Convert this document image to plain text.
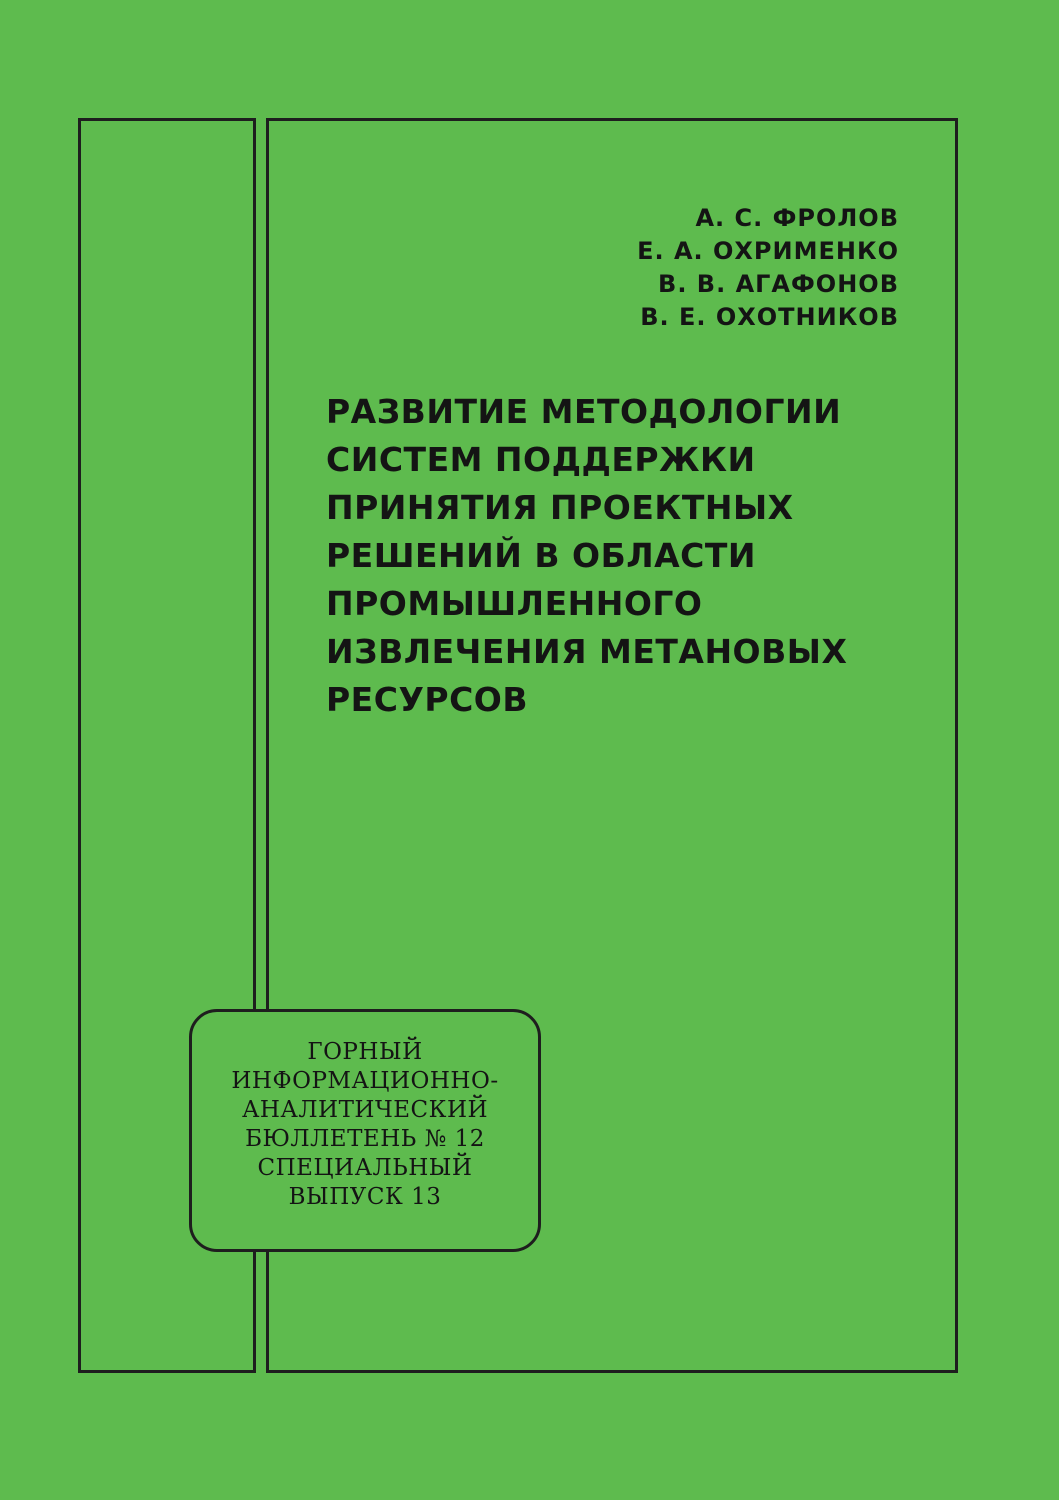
А. С. ФРОЛОВ
Е. А. ОХРИМЕНКО
В. В. АГАФОНОВ
В. Е. ОХОТНИКОВ
РАЗВИТИЕ МЕТОДОЛОГИИ
СИСТЕМ ПОДДЕРЖКИ
ПРИНЯТИЯ ПРОЕКТНЫХ
РЕШЕНИЙ В ОБЛАСТИ
ПРОМЫШЛЕННОГО
ИЗВЛЕЧЕНИЯ МЕТАНОВЫХ
РЕСУРСОВ
ГОРНЫЙ
ИНФОРМАЦИОННО-
АНАЛИТИЧЕСКИЙ
БЮЛЛЕТЕНЬ № 12
СПЕЦИАЛЬНЫЙ
ВЫПУСК 13
